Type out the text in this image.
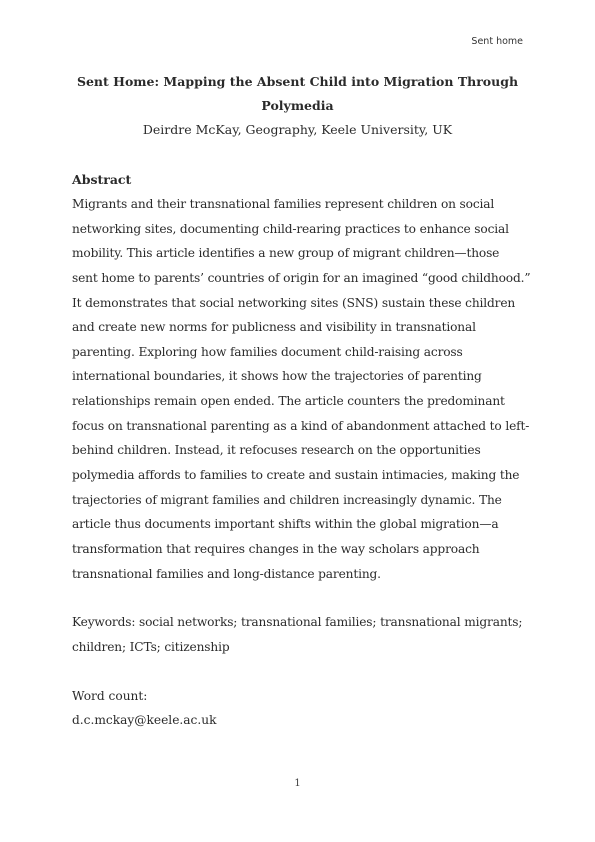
Sent home
Sent Home: Mapping the Absent Child into Migration Through
Polymedia
Deirdre McKay, Geography, Keele University, UK
Abstract
Migrants and their transnational families represent children on social
networking sites, documenting child-rearing practices to enhance social
mobility. This article identifies a new group of migrant children—those
sent home to parents’ countries of origin for an imagined “good childhood.”
It demonstrates that social networking sites (SNS) sustain these children
and create new norms for publicness and visibility in transnational
parenting. Exploring how families document child-raising across
international boundaries, it shows how the trajectories of parenting
relationships remain open ended. The article counters the predominant
focus on transnational parenting as a kind of abandonment attached to left-
behind children. Instead, it refocuses research on the opportunities
polymedia affords to families to create and sustain intimacies, making the
trajectories of migrant families and children increasingly dynamic. The
article thus documents important shifts within the global migration—a
transformation that requires changes in the way scholars approach
transnational families and long-distance parenting.
Keywords: social networks; transnational families; transnational migrants;
children; ICTs; citizenship
Word count:
d.c.mckay@keele.ac.uk
1
